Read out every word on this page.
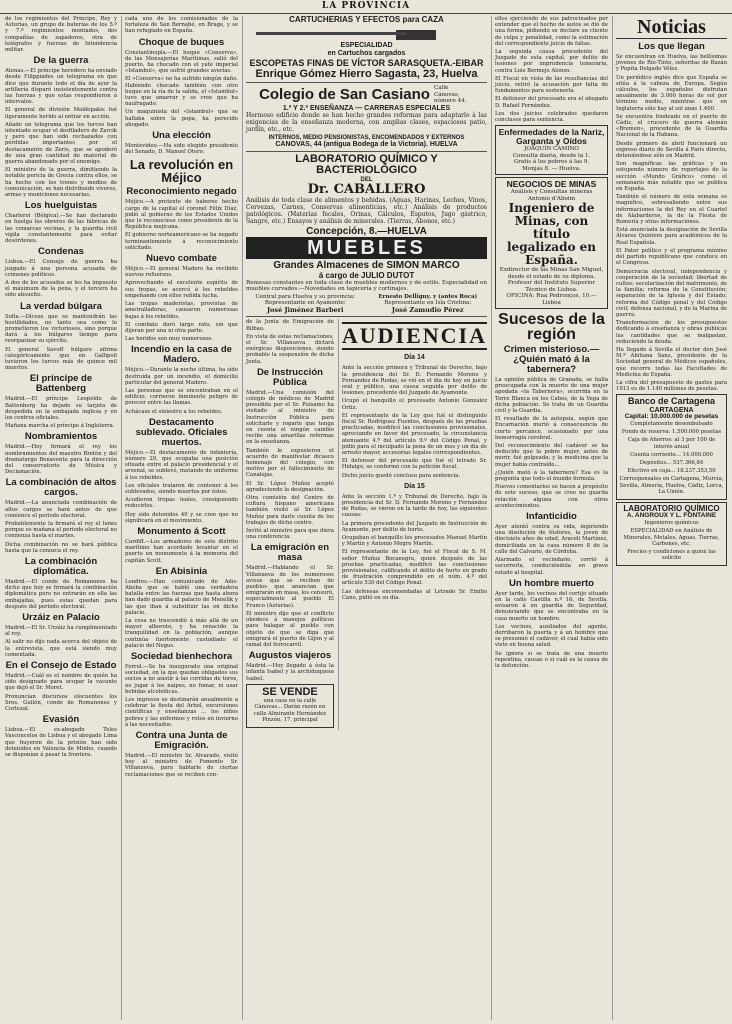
LA PROVINCIA
de los regimientos del Príncipe, Rey y Asturias, un grupo de baterías de los 5.º y 7.º regimientos montados, dos compañías de zapadores, otra de telégrafos y fuerzas de Intendencia militar.
De la guerra
Atenas.—El príncipe heredero ha enviado desde Filippiades un telegrama en que dice que durante todo el día de ayer la artillería disparó insistentemente contra las fuerzas y que estas respondieron á intervalos.
El general de división Maldopakis fué ligeramente herido al entrar en acción.
Añade un telegrama que los turcos han intentado ocupar el desfiladero de Zarcik y pero que han sido rechazados con pérdidas importantes por el destacamento de Zeris, que se apoderó de una gran cantidad de material de guerra abandonado por el enemigo.
El ministro de la guerra, dimitiendo la notable pericia de Grecia contra ellos, se ha hecho con los trenes y medios de comunicación, se han distribuido víveres, armas y municiones necesarias.
Los huelguistas
Charleroi (Bélgica).—Se han declarado en huelga los obreros de las fábricas de las comarcas vecinas, y la guardia civil vigila constantemente para evitar desórdenes.
Condenas
Lisboa.—El Consejo de guerra ha juzgado á una persona acusada de crímenes políticos.
A dos de los acusados se les ha impuesto el máximum de la pena, y el tercero ha sido absuelto.
La verdad búlgara
Sofía.—Dícese que se mantendrán las hostilidades, no tanto sea como lo prometieron los victoriosos, sino porque dará á los búlgaros tiempo para reorganizar su ejército.
El general Savoff búlgaro afirma categóricamente que en Gallipoli tuvieron los turcos más de quince mil muertos.
El príncipe de Battenberg
Madrid.—El príncipe Leopoldo de Battenberg ha dejado su tarjeta de despedida en la embajada inglesa y en los centros oficiales.
Mañana marcha el príncipe á Inglaterra.
Nombramientos
Madrid.—Hoy firmará el rey los nombramientos del maestro Bretón y del dramaturgo Benavente para la dirección del conservatorio de Música y Declamación.
La combinación de altos cargos.
Madrid.—La anunciada combinación de altos cargos se hará antes de que comience el periodo electoral.
Probablemente la firmará el rey el lunes porque es mañana el periodo electoral no comienza hasta el martes.
Dicha combinación no se hará pública hasta que la conozca el rey.
La combinación diplomática.
Madrid.—El conde de Romanones ha dicho que hoy se firmará la combinación diplomática pero no entrarán en ella las embajadas, pues estas quedan para después del periodo electoral.
Urzáiz en Palacio
Madrid.—El Sr. Urzáiz ha cumplimentado al rey.
Al salir no dijo nada acerca del objeto de la entrevista, que está siendo muy comentada.
En el Consejo de Estado
Madrid.—Cuál es el nombre de quién ha sido designado para ocupar la vacante que dejó el Sr. Moret.
Pronuncian discursos elocuentes los Sres. Gullón, conde de Romanones y Cortezal.
Evasión
Lisboa.—El ex-abogado Teles Vasconcelos de Lisboa y el abogado Lima que huyeron de la prisión han sido detenidos en Valencia de Minho, cuando se disponían á pasar la frontera.
cada uno de los comisionados de la fortaleza de San Bernabé, en Brage, y se han refugiado en España.
Choque de buques
Constantinopla.—El buque «Conserva», de las Mensajerías Marítimas, salió del puerto, ha chocado con el yate imperial «Istambul», que sufrió grandes averías.
El «Conserva» no ha sufrido ningún daño. Habiendo chocado también con otro buque en la ría de la salida, el «Istambul» tuvo que amarrar y se cree que ha naufragado.
Un maquinista del «Istambul» que se hallaba sobre la popa, ha perecido ahogado.
Una elección
Montevideo.—Ha sido elegido presidente del Senado, D. Manuel Otero.
La revolución en Méjico
Reconocimiento negado
Méjico.—A pretexto de haberse hecho cargo de la capital el coronel Félix Díaz, pidió al gobierno de los Estados Unidos que le reconociese como presidente de la República mejicana.
El gobierno norteamericano se ha negado terminantemente á reconocimiento solicitado.
Nuevo combate
Méjico.—El general Madero ha recibido nuevos refuerzos.
Aprovechando el excelente espíritu de sus tropas, se acercó á los rebeldes empeñando con ellos reñida lucha.
Las tropas maderistas, provistas de ametralladoras, causaron numerosas bajas á los rebeldes.
El combate duró largo rato, sin que dijeran por una ni otra parte.
Las heridos son muy numerosos.
Incendio en la casa de Madero.
Méjico.—Durante la noche última, ha sido destruida por un incendio, el domicilio particular del general Madero.
Las personas que se encontraban en el edificio, corrieron inminente peligro de perecer entre las llamas.
Achácase el siniestro a los rebeldes.
Destacamento sublevado. Oficiales muertos.
Méjico.—El destacamento de infantería, número 29, que ocupaba una posición situada entre el palacio presidencial y el arsenal, se sublevó, matando de uniforme á los rebeldes.
Los oficiales trataron de contener á los sublevados, siendo muertos por éstos.
Acudieron tropas leales, consiguiendo reducirlos.
Hoy sido detenidos 40 y se cree que no significará en el movimiento.
Monumento á Scott
Cardiff.—Los armadores de este distrito marítimo han acordado levantar en el puerto un monumento á la memoria del capitán Scott.
En Abisinia
Londres.—Han comunicado de Adis-Abeba que se habló una verdadera batalla entre las fuerzas que hasta ahora han dado guardia al palacio de Menelik y las que iban á substituir las en dicho palacio.
La cosa no trascendió á más allá de un mayor alboroto, y ha renacido la tranquilidad en la población, aunque continúa fuertemente custodiado el palacio del Negus.
Sociedad bienhechora
Ferrol.—Se ha inaugurado una original sociedad, en la que quedan obligados sus socios a no asistir á las corridas de toros, no jugar á los naipes, no fumar, ni usar bebidas alcohólicas.
Los ingresos se destinarán anualmente a celebrar la fiesta del Árbol, excursiones científicas y enseñanzas ... los niños pobres y las enfermos y rotos en invierno á las necesitados.
Contra una Junta de Emigración.
Madrid.—El ministro Sr. Alvarado, visitó hoy al ministro de Fomento Sr. Villanueva, para hablarle de ciertas reclamaciones que se reciben con-
CARTUCHERÍAS Y EFECTOS para CAZA
ESPECIALIDAD
en Cartuchos cargados
ESCOPETAS FINAS DE VÍCTOR SARASQUETA.-EIBAR
Enrique Gómez Hierro Sagasta, 23, Huelva
Colegio de San Casiano Calle Cánovas, número 44.
1.ª Y 2.ª ENSEÑANZA — CARRERAS ESPECIALES
Hermoso edificio donde se han hecho grandes reformas para adaptarlo á las exigencias de la enseñanza moderna, con amplias clases, espaciosos patio, jardín, etc., etc.
INTERNOS, MEDIO PENSIONISTAS, ENCOMENDADOS Y EXTERNOS
CANOVAS, 44 (antigua Bodega de la Victoria). HUELVA
LABORATORIO QUÍMICO Y BACTERIOLÓGICO
DEL
Dr. CABALLERO
Análisis de toda clase de alimentos y bebidas. (Aguas, Harinas, Leches, Vinos, Cervezas, Carnes, Conservas alimenticias, etc.) Análisis de productos patológicos. (Materias fecales, Orinas, Cálculos, Esputos, Jugo gástrico, Sangre, etc.) Ensayos y análisis de minerales. (Tierras, Abonos, etc.)
Concepción, 8.—HUELVA
MUEBLES
Grandes Almacenes de SIMON MARCO
á cargo de JULIO DUTOT
Remesas constantes en toda clase de muebles modernos y de estilo. Especialidad en muebles curvados.—Novedades en tapicería y cortinajes.
Central para Huelva y su provincia:
Representante en Ayamonte:
José Jiménez Barberi
Ernesto Delligny, y (antes Roca)
Representante en Isla Cristina:
José Zamudio Pérez
de la Junta de Emigración de Bilbao.
En vista de estas reclamaciones, el Sr. Villanueva dictará enérgicas disposiciones, siendo probable la suspensión de dicha Junta.
De Instrucción Pública
Madrid.—Una comisión del colegio de médicos de Madrid presidida por el Sr. Pulsamo ha visitado al ministro de Instrucción Pública para solicitarle y rogarle que tenga en cuenta el ningún cambio recibe una amarillas reformas en la enseñanza.
También le expusieron el acuerdo de manifestar dicasco homenaje del colegio, con motivo por el fallecimiento de Canalejas.
El Sr. López Muñoz aceptó agradeciendo la designación.
Otra comisión del Centro de cultura hispano americana también visitó al Sr. López Muñoz para darle cuenta de los trabajos de dicho centro.
Invitó al ministro para que diera una conferencia.
La emigración en masa
Madrid.—Hablando el Sr. Villanueva de los numerosos avisos que se reciben de pueblos que anuncian que emigrarán en masa, los censuró, especialmente al pueblo El Franco (Asturias).
El ministro dijo que el conflicto obedece á manejos políticos para halagar al pueblo con objeto de que se diga que emigrará el puerto de Gijón y al ramal del ferrocarril.
Augustos viajeros
Madrid.—Hoy llegado á ésta la infanta Isabel y la archiduquesa Isabel.
SE VENDE
una casa en la calle Cánovas... Darán razón en calle Almirante Hernández Pinzón, 17, principal
AUDIENCIA
Día 14
Ante la sección primera y Tribunal de Derecho, bajo la presidencia del Sr. D. Fernando Moreno y Fernández de Rodas, se vió en el día de hoy en juicio oral y público, una causa seguida por delito de lesiones, procedente del Juzgado de Ayamonte.
Ocupó el banquillo el procesado Antonio Gonzalez Ortiz.
El representante de la Ley que fué el distinguido fiscal Sr. Rodríguez Fuentes, después de las pruebas practicadas, modificó las conclusiones provisionales, apreciando en favor del procesado, la circunstancia atenuante 4.ª del artículo 9.º del Código Penal, y pidió para el inculpado la pena de un mes y un día de arresto mayor, accesorias legales correspondientes.
El defensor del procesado que fué el letrado Sr. Hidalgo, se conformó con la petición fiscal.
Dicho juicio quedó concluso para sentencia.
Día 15
Ante la sección 1.ª y Tribunal de Derecho, bajo la presidencia del Sr. D. Fernando Moreno y Fernández de Rodas, se vieron en la tarde de hoy, las siguientes causas:
La primera procedente del Juzgado de Instrucción de Ayamonte, por delito de hurto.
Ocupaban el banquillo los procesados Manuel Martín y Martín y Antonio Megro Martín.
El representante de la Ley, fué el Fiscal de S. M. señor Muñoz Bocanegra, quien después de las pruebas practicadas, modificó las conclusiones provisionales, calificando el delito de hurto en grado de frustración comprendido en el núm. 4.º del artículo 530 del Código Penal.
Las defensas encomendadas al Letrado Sr. Emilio Cano, pidió en su día.
ellos ejerciendo de sus patrocinados por entender que el hecho de autos se dió de una forma, pidiendo se declare su cliente de culpa y penalidad, como la estimación del correspondiente juicio de faltas.
La segunda causa procedente del Juzgado de esta capital, por delito de lesiones por imprudencia temeraria, contra Luis Bermejo Alonso.
El Fiscal en vista de las resultancias del juicio, retiró la acusación por falta de fundamentos para sostenerla.
El defensor del procesado era el abogado D. Rafael Fernández.
Los dos juicios celebrados quedaron conclusos para sentencia.
Enfermedades de la Nariz, Garganta y Oídos
JOAQUÍN CAMINO
Consulta diaria, desde la 1.
Gratis á los pobres á las 9.
Monjas 8. — Huelva.
NEGOCIOS DE MINAS
Análisis y Consultas mineras
Antonio d'Aboim
Ingeniero de Minas, con título legalizado en España.
Exdirector de las Minas San Miguel, desde el estado de su diploma.
Profesor del Instituto Superior Técnico de Lisboa.
OFICINA: Rua Pedrouços, 10.—Lisboa
Sucesos de la región
Crimen misterioso.—¿Quién mató á la tabernera?
La opinión pública de Granada, se halla preocupada con la muerte de una mujer apodada «la Tabernera», ocurrida en la Torre Blanca en los Cabos, de la Vega de dicha población. Se trata de un Guardia civil y la Guardia.
El resultado de la autopsia, según que Encarnación murió á consecuencia de cierto percance, ocasionado por una hemorragia cerebral.
Del reconocimiento del cadáver se ha deducido que la pobre mujer, antes de morir, fué golpeada; y la medicina que la mujer había contraído...
¿Quién mató á la tabernera? Esa es la pregunta que todo el mundo formula.
Nuevos comentarios se hacen a propósito de este suceso, que se cree no guarda relación alguna con otros acontecimientos.
Infanticidio
Ayer atentó contra su vida, ingiriendo una disolución de fósforos, la joven de diecisiete años de edad, Araceli Martínez, domiciliada en la casa número 8 de la calle del Calvario, de Córdoba.
Alarmado el vecindario, corrió á socorrerla, conduciéndola en grave estado al hospital.
Un hombre muerto
Ayer tarde, los vecinos del cortijo situado en la calle Castilla n.º 16, de Sevilla, avisaron á un guardia de Seguridad, denunciando que se encontraba en la casa muerto un hombre.
Los vecinos, auxiliados del agente, derribaron la puerta y á un hombre que se presumió el cadáver, el cual había sido visto en buena salud.
Se ignora si se trata de una muerte repentina, causas o si cuál es la causa de la defunción.
Noticias
Los que llegan
Se encuentran en Huelva, las bellísimas jóvenes de Río-Tinto, señoritas de Bazán y Pepita Delgado Vélez.
Un periódico inglés dice que España se sitúa á la cabeza de Europa. Según cálculos, los españoles disfrutan anualmente de 3.000 horas de sol por término medio, mientras que en Inglaterra sólo hay al sol unas 1.400.
Se encuentra fondeado en el puerto de Cádiz, el crucero de guerra alemán «Bremen», procedente de la Guardia Nacional de la Habana.
Desde primero de abril funcionará un expreso diario de Sevilla á París directo, deteniéndose sólo en Madrid.
Son magníficas las gráficas y un estupendo número de reportajes de la sección «Mundo Gráfico» como el semanario más notable que se publica en España.
También el número de esta semana es magnífico, sobresaliendo entre sus informaciones la del Rey en el Cuartel de Alabarderos, la de la Fiesta de Romería y otras informaciones.
Está anunciada la designación de Sevilla Álvarez Quintero para académicos de la Real Española.
El Pater político y el programa mínimo del partido republicano que conduce en el Congreso.
Democracia electoral, independencia y cooperación de la sociedad; libertad de cultos; secularización del matrimonio, de la familia; reforma de la Constitución; separación de la Iglesia y del Estado; reforma del Código penal y del Código civil; defensa nacional, y de la Marina de guerra.
Transformación de los presupuestos dedicando á enseñanza y obras públicas las cantidades que se malgastan, reduciendo la deuda.
Ha llegado á Sevilla el doctor don José M.ª Abiliana Sanz, presidente de la Sociedad general de Médicos españoles, que recorre todas las Facultades de Medicina de España.
La cifra del presupuesto de gastos para 1913 es de 1.140 millones de pesetas.
Banco de Cartagena
CARTAGENA
Capital: 10.000.000 de pesetas
Completamente desembolsado
Fondo de reserva: 1.500.000 pesetas
Caja de Ahorros: al 3 por 100 de interés anual
Cuenta corriente... 14.000.000
Depósitos... 537.366,84
Efectivo en caja... 18.237.353,50
Corresponsales en Cartagena, Murcia, Sevilla, Almería, Huelva, Cádiz, Lorca, La Unión.
LABORATORIO QUÍMICO
A. ANGROUX Y L. FONTAINE
Ingenieros químicos
ESPECIALIDAD en Análisis de Minerales, Metales, Aguas, Tierras, Carbones, etc.
Precios y condiciones a quien las solicite
